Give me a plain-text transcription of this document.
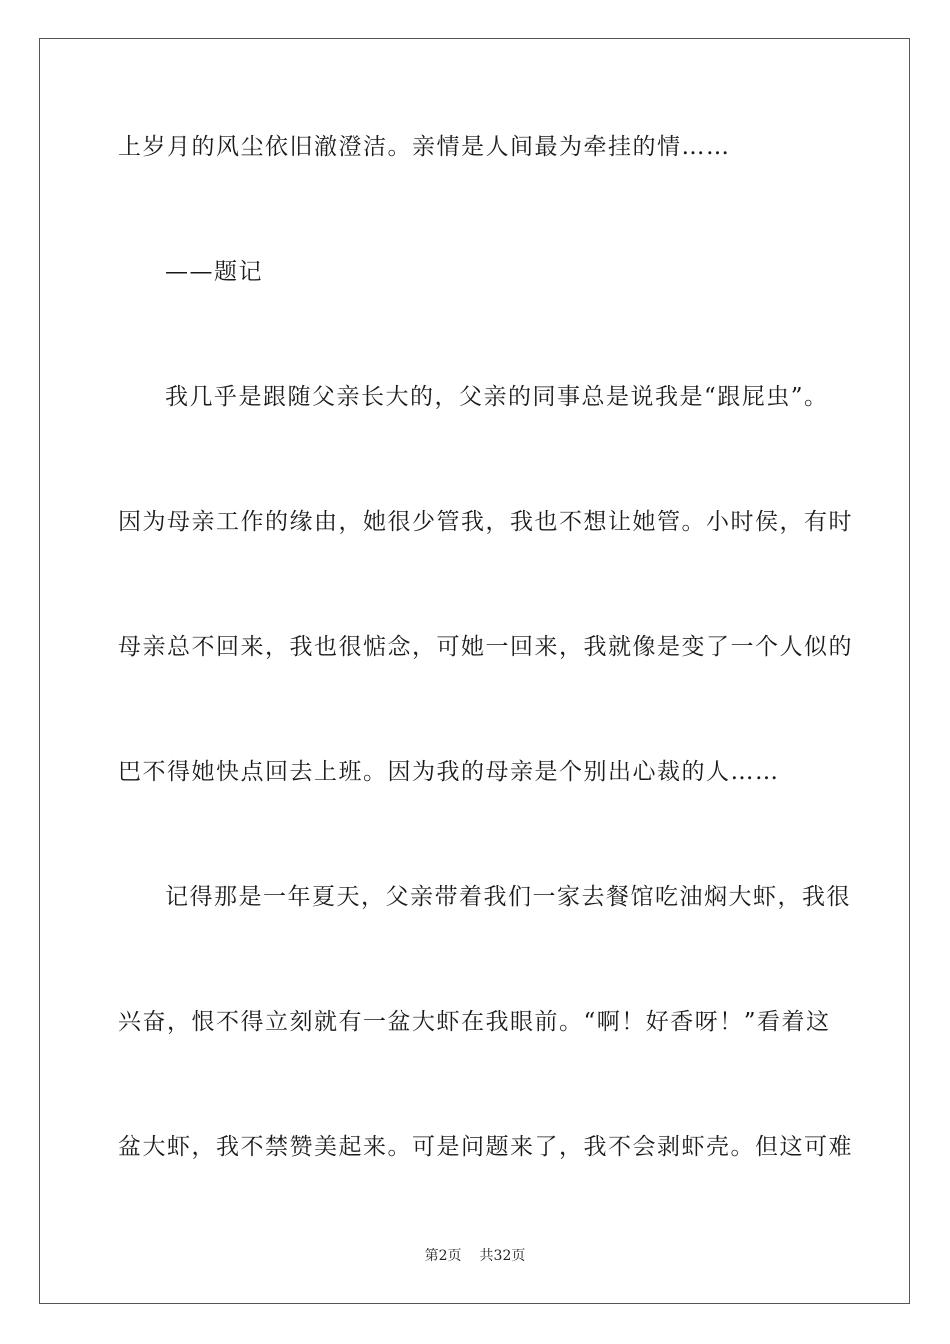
上岁月的风尘依旧澈澄洁。亲情是人间最为牵挂的情……
——题记
我几乎是跟随父亲长大的，父亲的同事总是说我是“跟屁虫”。
因为母亲工作的缘由，她很少管我，我也不想让她管。小时侯，有时
母亲总不回来，我也很惦念，可她一回来，我就像是变了一个人似的
巴不得她快点回去上班。因为我的母亲是个别出心裁的人……
记得那是一年夏天，父亲带着我们一家去餐馆吃油焖大虾，我很
兴奋，恨不得立刻就有一盆大虾在我眼前。“啊！好香呀！”看着这
盆大虾，我不禁赞美起来。可是问题来了，我不会剥虾壳。但这可难
第2页 共32页
